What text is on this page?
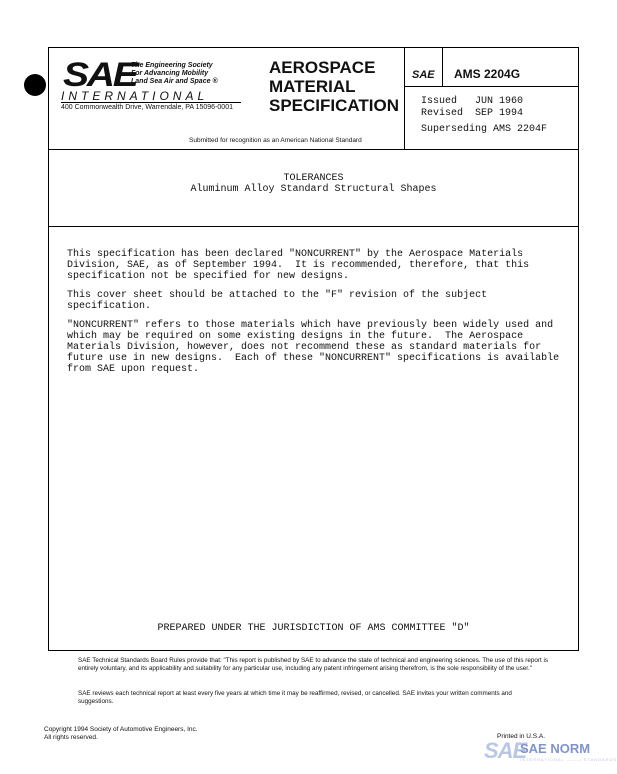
SAE
The Engineering Society
For Advancing Mobility
Land Sea Air and Space ®
INTERNATIONAL
400 Commonwealth Drive, Warrendale, PA 15096-0001
AEROSPACE
MATERIAL
SPECIFICATION
Submitted for recognition as an American National Standard
SAE AMS 2204G
Issued JUN 1960
Revised SEP 1994
Superseding AMS 2204F
TOLERANCES
Aluminum Alloy Standard Structural Shapes

This specification has been declared "NONCURRENT" by the Aerospace Materials
Division, SAE, as of September 1994.  It is recommended, therefore, that this
specification not be specified for new designs.

This cover sheet should be attached to the "F" revision of the subject
specification.

"NONCURRENT" refers to those materials which have previously been widely used and
which may be required on some existing designs in the future.  The Aerospace
Materials Division, however, does not recommend these as standard materials for
future use in new designs.  Each of these "NONCURRENT" specifications is available
from SAE upon request.

PREPARED UNDER THE JURISDICTION OF AMS COMMITTEE "D"
SAE Technical Standards Board Rules provide that: "This report is published by SAE to advance the state of technical and engineering sciences. The use of this report is entirely voluntary, and its applicability and suitability for any particular use, including any patent infringement arising therefrom, is the sole responsibility of the user."
SAE reviews each technical report at least every five years at which time it may be reaffirmed, revised, or cancelled. SAE invites your written comments and suggestions.
Copyright 1994 Society of Automotive Engineers, Inc.
All rights reserved.	Printed in U.S.A.
SAE
SAE NORM
INTERNATIONAL ——— STANDARDS
